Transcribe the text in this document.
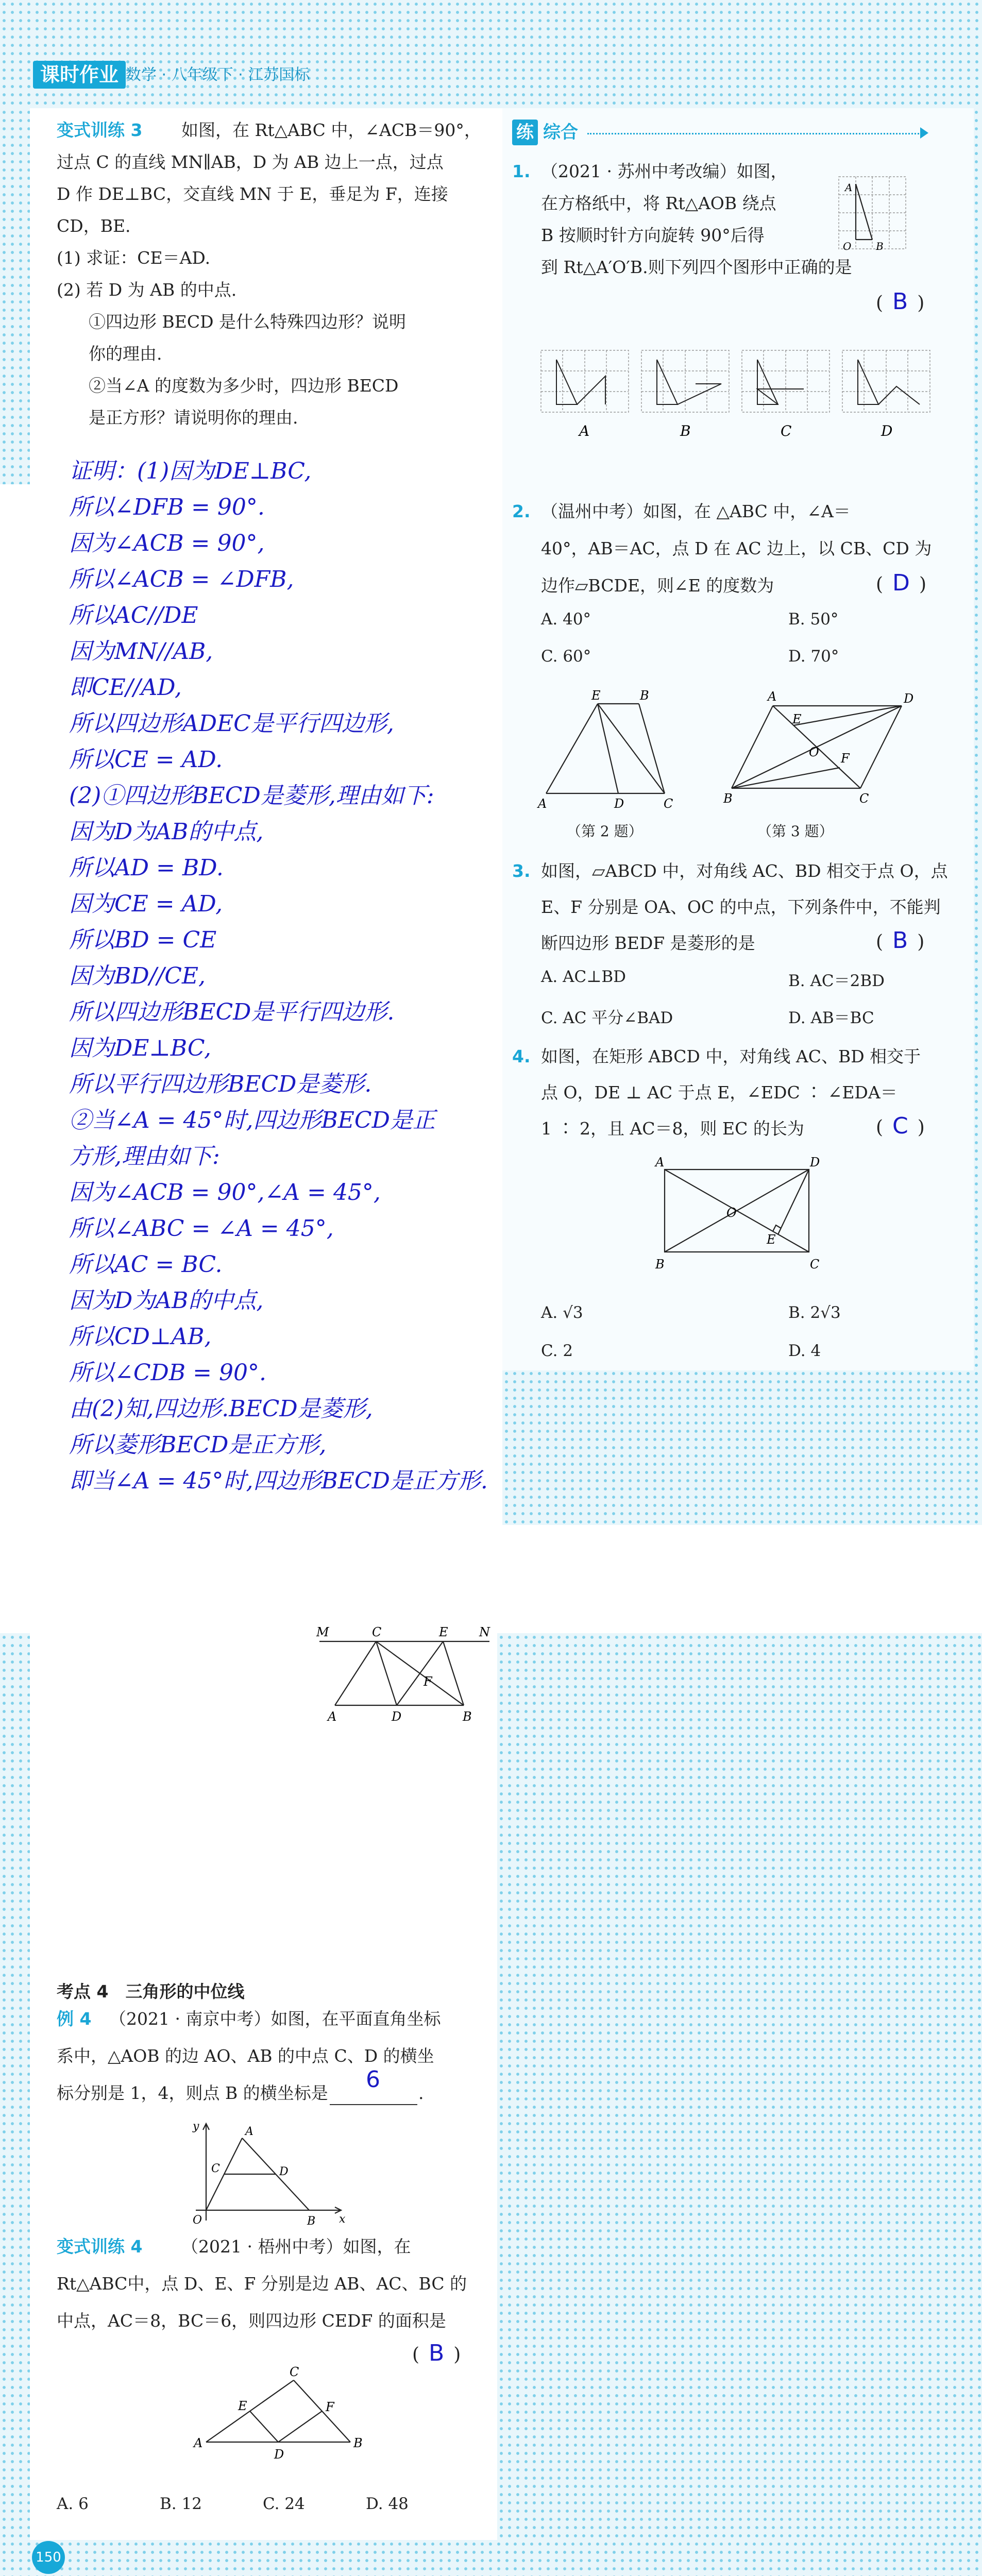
课时作业 数学 · 八年级下 · 江苏国标
变式训练 3 如图，在 Rt△ABC 中，∠ACB＝90°，
过点 C 的直线 MN∥AB，D 为 AB 边上一点，过点
D 作 DE⊥BC，交直线 MN 于 E，垂足为 F，连接
CD，BE.
(1) 求证：CE＝AD.
(2) 若 D 为 AB 的中点.
①四边形 BECD 是什么特殊四边形？说明
你的理由.
②当∠A 的度数为多少时，四边形 BECD
是正方形？请说明你的理由.
证明：(1)因为DE⊥BC,
所以∠DFB = 90°.
因为∠ACB = 90°,
所以∠ACB = ∠DFB,
所以AC//DE
因为MN//AB,
即CE//AD,
所以四边形ADEC是平行四边形,
所以CE = AD.
(2)①四边形BECD是菱形,理由如下:
因为D为AB的中点,
所以AD = BD.
因为CE = AD,
所以BD = CE
因为BD//CE,
所以四边形BECD是平行四边形.
因为DE⊥BC,
所以平行四边形BECD是菱形.
②当∠A = 45°时,四边形BECD是正
方形,理由如下:
因为∠ACB = 90°,∠A = 45°,
所以∠ABC = ∠A = 45°,
所以AC = BC.
因为D为AB的中点,
所以CD⊥AB,
所以∠CDB = 90°.
由(2)知,四边形.BECD是菱形,
所以菱形BECD是正方形,
即当∠A = 45°时,四边形BECD是正方形.
M	C	E	N
F
A	D	B
考点 4　三角形的中位线
例 4 （2021 · 南京中考）如图，在平面直角坐标
系中，△AOB 的边 AO、AB 的中点 C、D 的横坐
标分别是 1，4，则点 B 的横坐标是
6
.
y	A
C	D
O	B x
变式训练 4 （2021 · 梧州中考）如图，在
Rt△ABC中，点 D、E、F 分别是边 AB、AC、BC 的
中点，AC＝8，BC＝6，则四边形 CEDF 的面积是
( B )
C
E	F
A
D
B
A. 6	B. 12	C. 24	D. 48
练 综合
1. （2021 · 苏州中考改编）如图，
在方格纸中，将 Rt△AOB 绕点
B 按顺时针方向旋转 90°后得
到 Rt△A′O′B.则下列四个图形中正确的是
( B )
A
O B
A	B	C	D
2. （温州中考）如图，在 △ABC 中，∠A＝
40°，AB＝AC，点 D 在 AC 边上，以 CB、CD 为
边作▱BCDE，则∠E 的度数为	( D )
A. 40°	B. 50°
C. 60°	D. 70°
E	B
A	D	C
（第 2 题）
A	D
E
O F
B	C
（第 3 题）
3. 如图，▱ABCD 中，对角线 AC、BD 相交于点 O，点
E、F 分别是 OA、OC 的中点，下列条件中，不能判
断四边形 BEDF 是菱形的是	( B )
A. AC⊥BD	B. AC＝2BD
C. AC 平分∠BAD	D. AB＝BC
4. 如图，在矩形 ABCD 中，对角线 AC、BD 相交于
点 O，DE ⊥ AC 于点 E，∠EDC ∶ ∠EDA＝
1 ∶ 2，且 AC＝8，则 EC 的长为	( C )
A	D
O
E
B	C
A. √3	B. 2√3
C. 2	D. 4
150
